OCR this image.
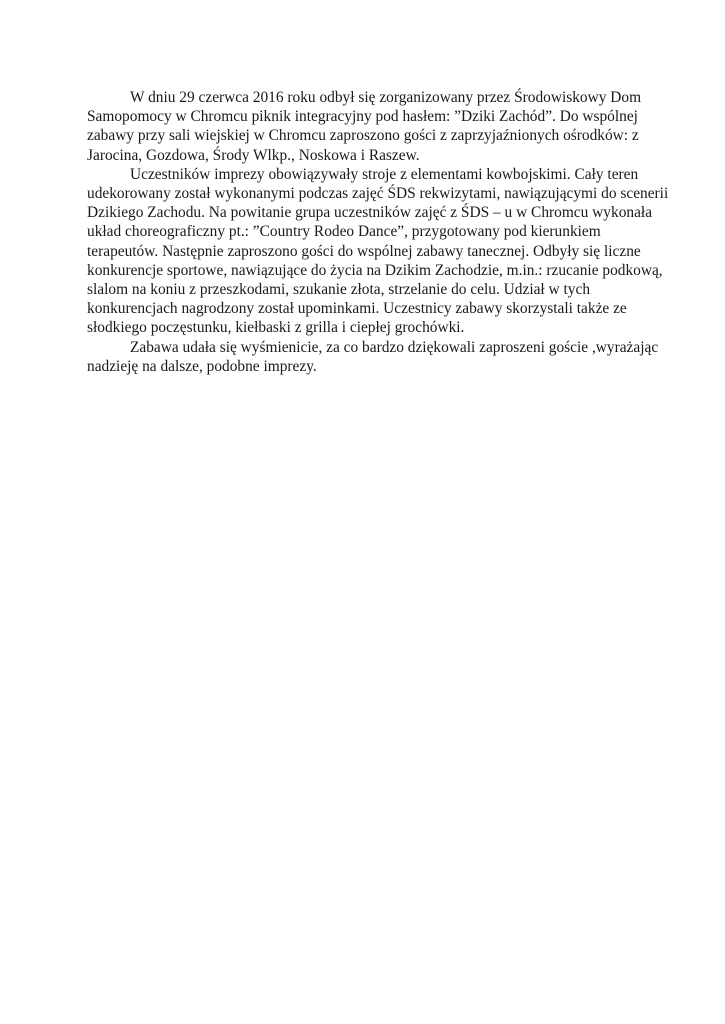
W dniu 29 czerwca 2016 roku odbył się zorganizowany przez Środowiskowy Dom
Samopomocy w Chromcu piknik integracyjny pod hasłem: ”Dziki Zachód”. Do wspólnej
zabawy przy sali wiejskiej w Chromcu zaproszono gości z zaprzyjaźnionych ośrodków: z
Jarocina, Gozdowa, Środy Wlkp., Noskowa i Raszew.
Uczestników imprezy obowiązywały stroje z elementami kowbojskimi. Cały teren
udekorowany został wykonanymi podczas zajęć ŚDS rekwizytami, nawiązującymi do scenerii
Dzikiego Zachodu. Na powitanie grupa uczestników zajęć z ŚDS – u w Chromcu wykonała
układ choreograficzny pt.: ”Country Rodeo Dance”, przygotowany pod kierunkiem
terapeutów. Następnie zaproszono gości do wspólnej zabawy tanecznej. Odbyły się liczne
konkurencje sportowe, nawiązujące do życia na Dzikim Zachodzie, m.in.: rzucanie podkową,
slalom na koniu z przeszkodami, szukanie złota, strzelanie do celu. Udział w tych
konkurencjach nagrodzony został upominkami. Uczestnicy zabawy skorzystali także ze
słodkiego poczęstunku, kiełbaski z grilla i ciepłej grochówki.
Zabawa udała się wyśmienicie, za co bardzo dziękowali zaproszeni goście ,wyrażając
nadzieję na dalsze, podobne imprezy.
